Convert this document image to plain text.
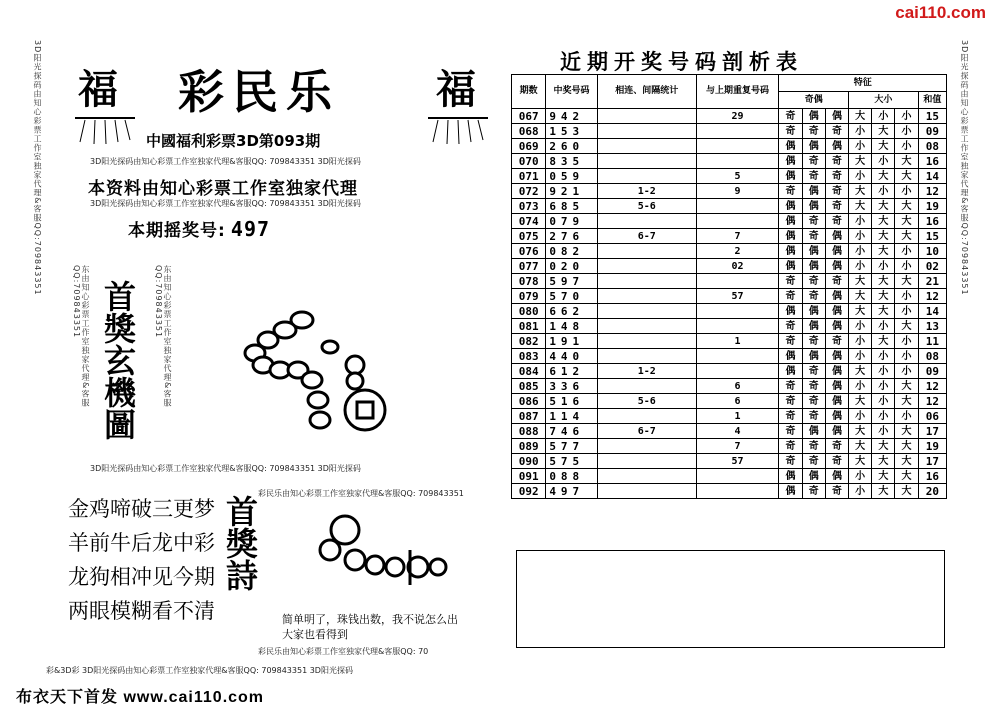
cai110.com
3D阳光探码由知心彩票工作室独家代理&客服QQ:709843351	3D阳光探码由知心彩票工作室独家代理&客服QQ:709843351
福 彩民乐 福
中國福利彩票3D第093期
3D阳光探码由知心彩票工作室独家代理&客服QQ: 709843351 3D阳光探码
本资料由知心彩票工作室独家代理
3D阳光探码由知心彩票工作室独家代理&客服QQ: 709843351 3D阳光探码
本期摇奖号: 497
东由知心彩票工作室独家代理&客服QQ:709843351	东由知心彩票工作室独家代理&客服QQ:709843351
首獎玄機圖
3D阳光探码由知心彩票工作室独家代理&客服QQ: 709843351 3D阳光探码
金鸡啼破三更梦
羊前牛后龙中彩
龙狗相冲见今期
两眼模糊看不清
首獎詩
彩民乐由知心彩票工作室独家代理&客服QQ: 709843351
简单明了，珠钱出数，我不说怎么出大家也看得到
彩民乐由知心彩票工作室独家代理&客服QQ: 70
彩&3D彩 3D阳光探码由知心彩票工作室独家代理&客服QQ: 709843351 3D阳光探码
布衣天下首发 www.cai110.com
近期开奖号码剖析表
期数	中奖号码	相连、间隔统计	与上期重复号码	特征						
				奇偶			大小			和值
067	942		29	奇	偶	偶	大	小	小	15
068	153			奇	奇	奇	小	大	小	09
069	260			偶	偶	偶	小	大	小	08
070	835			偶	奇	奇	大	小	大	16
071	059		5	偶	奇	奇	小	大	大	14
072	921	1-2	9	奇	偶	奇	大	小	小	12
073	685	5-6		偶	偶	奇	大	大	大	19
074	079			偶	奇	奇	小	大	大	16
075	276	6-7	7	偶	奇	偶	小	大	大	15
076	082		2	偶	偶	偶	小	大	小	10
077	020		02	偶	偶	偶	小	小	小	02
078	597			奇	奇	奇	大	大	大	21
079	570		57	奇	奇	偶	大	大	小	12
080	662			偶	偶	偶	大	大	小	14
081	148			奇	偶	偶	小	小	大	13
082	191		1	奇	奇	奇	小	大	小	11
083	440			偶	偶	偶	小	小	小	08
084	612	1-2		偶	奇	偶	大	小	小	09
085	336		6	奇	奇	偶	小	小	大	12
086	516	5-6	6	奇	奇	偶	大	小	大	12
087	114		1	奇	奇	偶	小	小	小	06
088	746	6-7	4	奇	偶	偶	大	小	大	17
089	577		7	奇	奇	奇	大	大	大	19
090	575		57	奇	奇	奇	大	大	大	17
091	088			偶	偶	偶	小	大	大	16
092	497			偶	奇	奇	小	大	大	20
